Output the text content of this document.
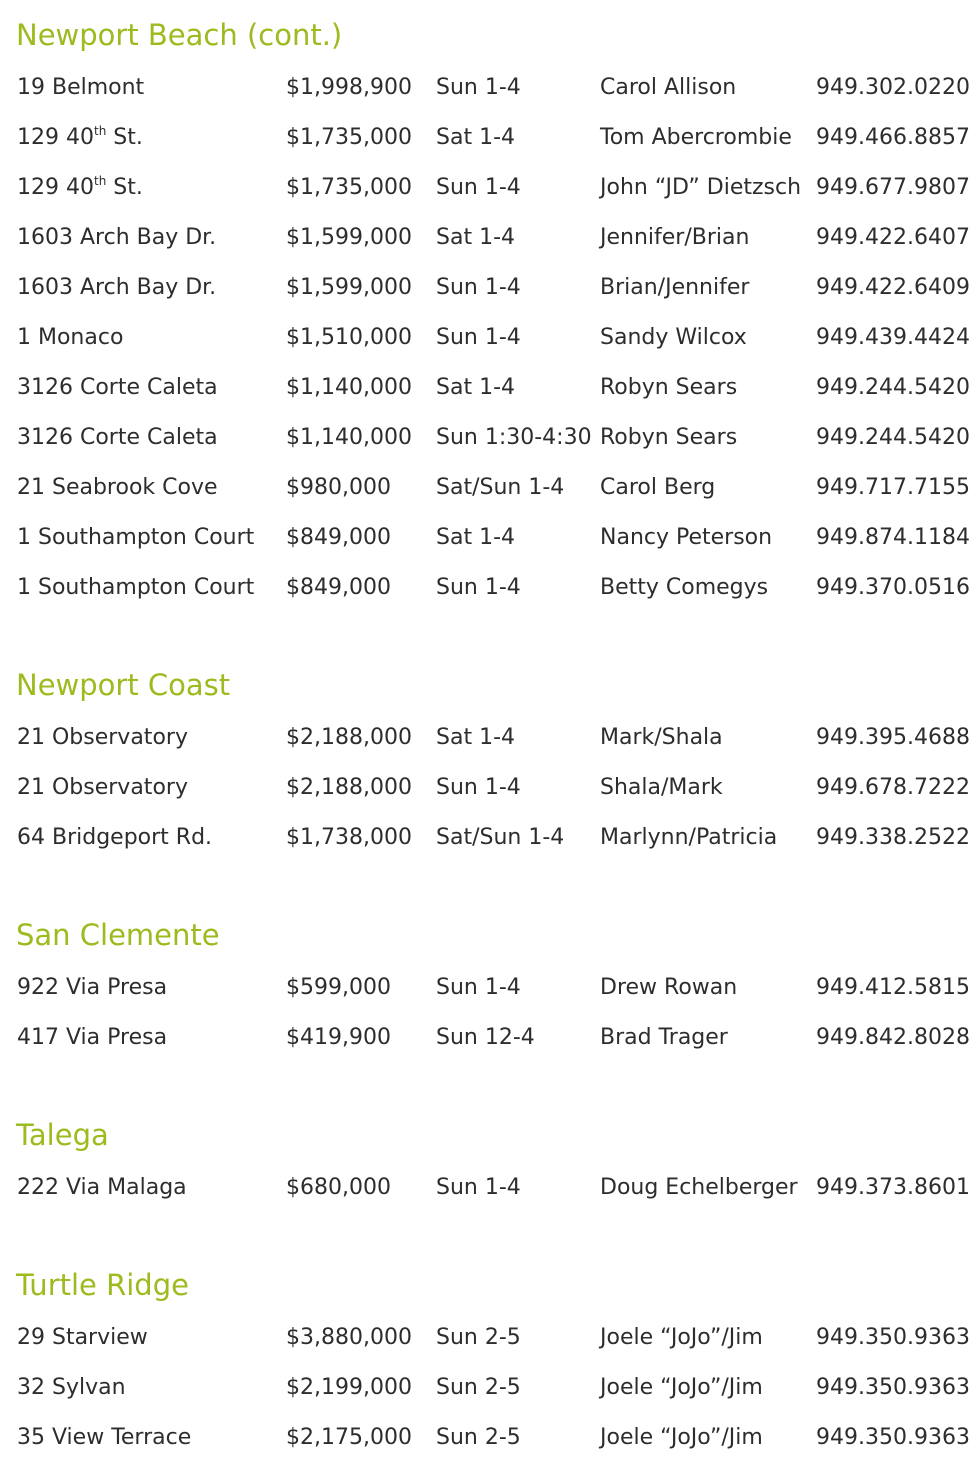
Newport Beach (cont.)
19 Belmont	$1,998,900 Sun 1-4	Carol Allison	949.302.0220
129 40th St.	$1,735,000 Sat 1-4	Tom Abercrombie 949.466.8857
129 40th St.	$1,735,000 Sun 1-4	John “JD” Dietzsch 949.677.9807
1603 Arch Bay Dr.	$1,599,000 Sat 1-4	Jennifer/Brian	949.422.6407
1603 Arch Bay Dr.	$1,599,000 Sun 1-4	Brian/Jennifer	949.422.6409
1 Monaco	$1,510,000 Sun 1-4	Sandy Wilcox	949.439.4424
3126 Corte Caleta	$1,140,000 Sat 1-4	Robyn Sears	949.244.5420
3126 Corte Caleta	$1,140,000 Sun 1:30-4:30 Robyn Sears	949.244.5420
21 Seabrook Cove	$980,000 Sat/Sun 1-4 Carol Berg	949.717.7155
1 Southampton Court $849,000 Sat 1-4	Nancy Peterson 949.874.1184
1 Southampton Court $849,000 Sun 1-4	Betty Comegys 949.370.0516
Newport Coast
21 Observatory	$2,188,000 Sat 1-4	Mark/Shala	949.395.4688
21 Observatory	$2,188,000 Sun 1-4	Shala/Mark	949.678.7222
64 Bridgeport Rd.	$1,738,000 Sat/Sun 1-4 Marlynn/Patricia 949.338.2522
San Clemente
922 Via Presa	$599,000 Sun 1-4	Drew Rowan	949.412.5815
417 Via Presa	$419,900 Sun 12-4	Brad Trager	949.842.8028
Talega
222 Via Malaga	$680,000 Sun 1-4	Doug Echelberger 949.373.8601
Turtle Ridge
29 Starview	$3,880,000 Sun 2-5	Joele “JoJo”/Jim 949.350.9363
32 Sylvan	$2,199,000 Sun 2-5	Joele “JoJo”/Jim 949.350.9363
35 View Terrace	$2,175,000 Sun 2-5	Joele “JoJo”/Jim 949.350.9363
